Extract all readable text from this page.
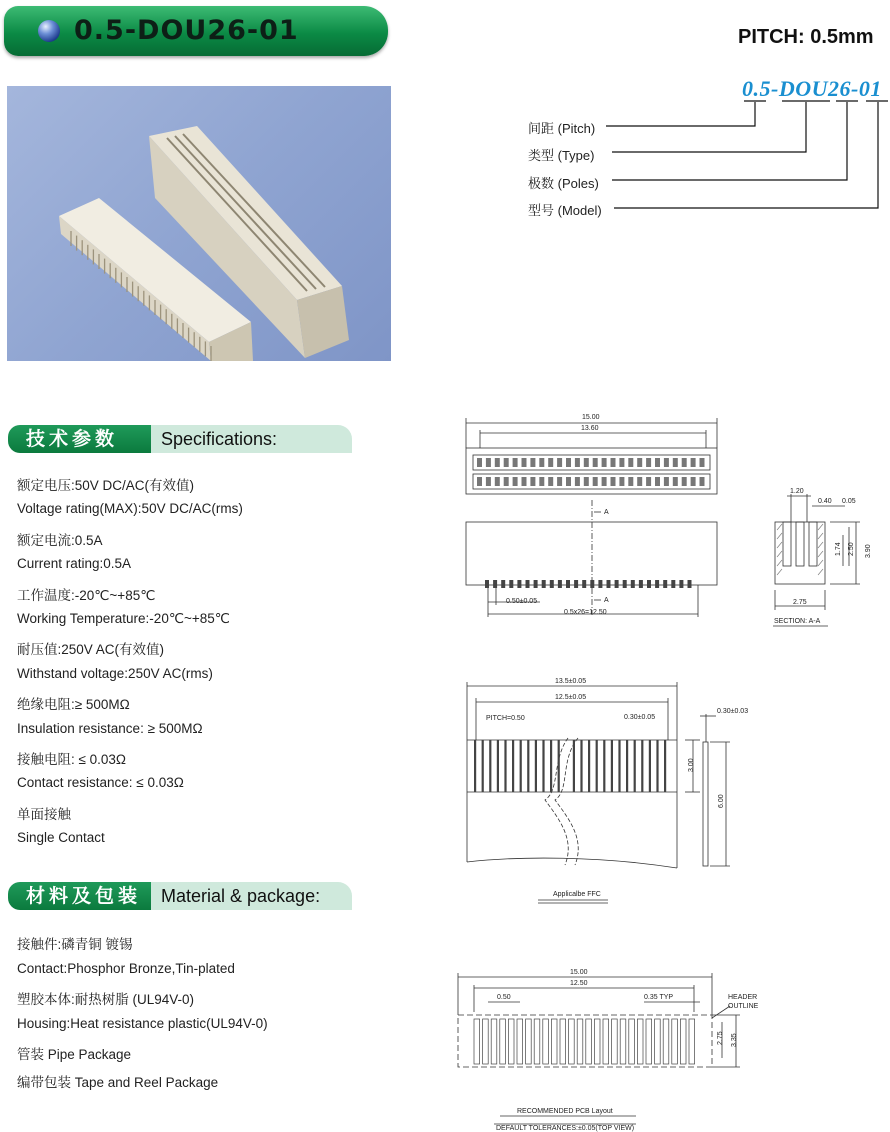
0.5-DOU26-01	PITCH: 0.5mm
0.5-DOU26-01
间距 (Pitch)
类型 (Type)
极数 (Poles)
型号 (Model)
技术参数	Specifications:
额定电压:50V DC/AC(有效值)
Voltage rating(MAX):50V DC/AC(rms)
额定电流:0.5A
Current rating:0.5A
工作温度:-20℃~+85℃
Working Temperature:-20℃~+85℃
耐压值:250V AC(有效值)
Withstand voltage:250V AC(rms)
绝缘电阻:≥ 500MΩ
Insulation resistance: ≥ 500MΩ
接触电阻: ≤ 0.03Ω
Contact resistance: ≤ 0.03Ω
单面接触
Single Contact
材料及包装	Material & package:
接触件:磷青铜 镀锡
Contact:Phosphor Bronze,Tin-plated
塑胶本体:耐热树脂 (UL94V-0)
Housing:Heat resistance plastic(UL94V-0)
管装 Pipe Package
编带包装 Tape and Reel Package
15.00
13.60
A
A
0.50±0.05
0.5x26=12.50
1.20
0.40 0.05
1.74 2.50 3.90
2.75
SECTION: A-A
13.5±0.05
12.5±0.05
PITCH=0.50	0.30±0.05
0.30±0.03
3.00
6.00
Applicalbe FFC
15.00
12.50
0.50	0.35 TYP	HEADER
OUTLINE
2.75 3.35
RECOMMENDED PCB Layout
DEFAULT TOLERANCES:±0.05(TOP VIEW)
